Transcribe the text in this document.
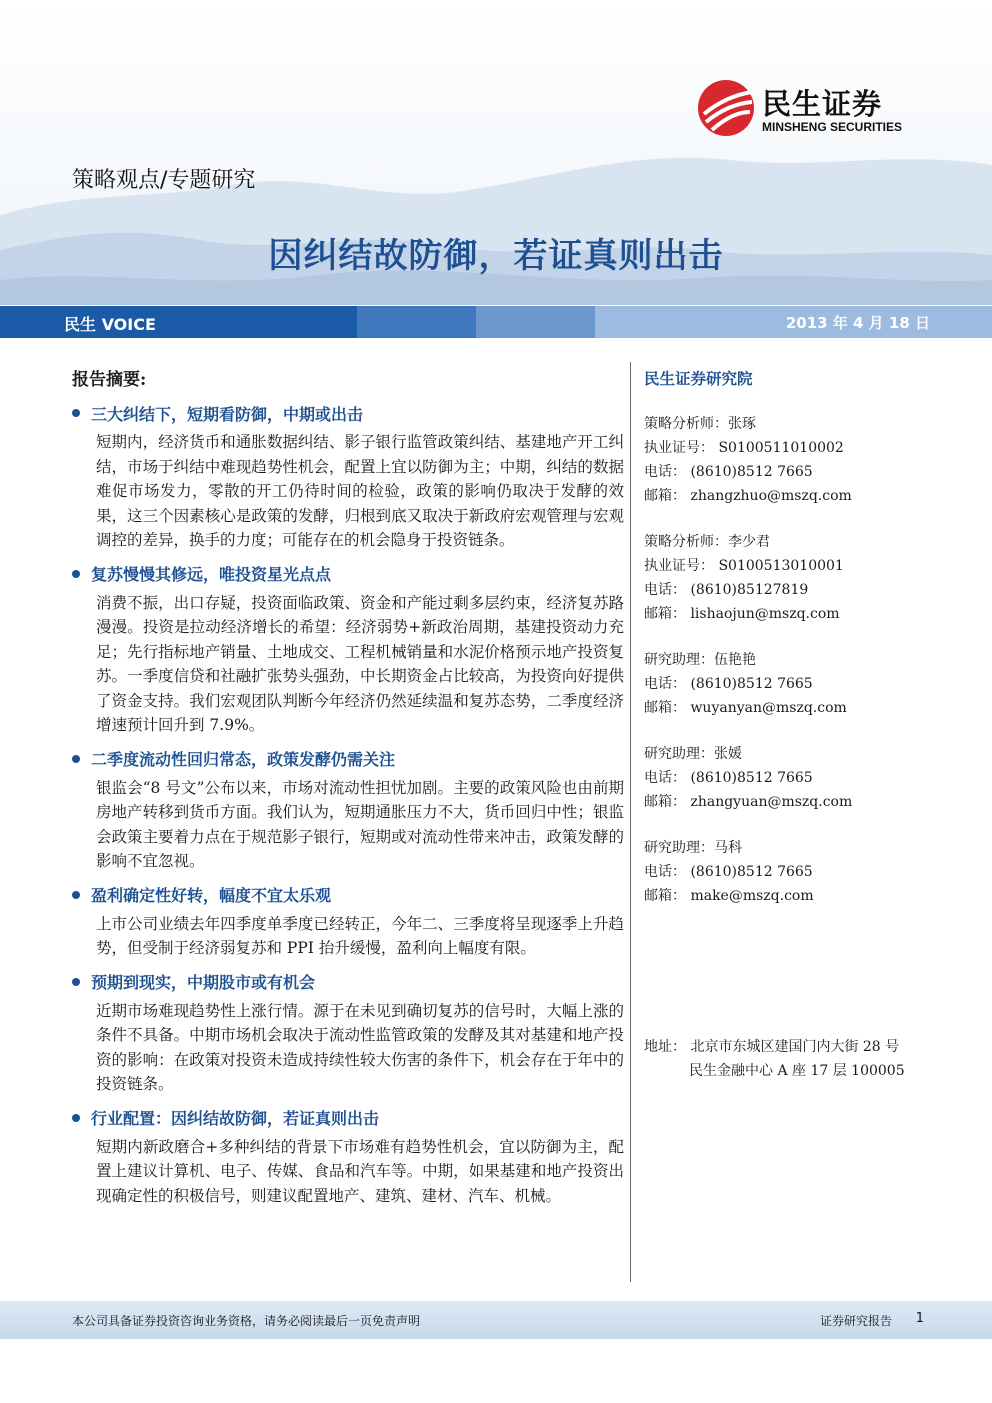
民生证券
MINSHENG SECURITIES
策略观点/专题研究
因纠结故防御，若证真则出击
民生 VOICE	2013 年 4 月 18 日
报告摘要:
三大纠结下，短期看防御，中期或出击

短期内，经济货币和通胀数据纠结、影子银行监管政策纠结、基建地产开工纠结，市场于纠结中难现趋势性机会，配置上宜以防御为主；中期，纠结的数据难促市场发力，零散的开工仍待时间的检验，政策的影响仍取决于发酵的效果，这三个因素核心是政策的发酵，归根到底又取决于新政府宏观管理与宏观调控的差异，换手的力度；可能存在的机会隐身于投资链条。

复苏慢慢其修远，唯投资星光点点

消费不振，出口存疑，投资面临政策、资金和产能过剩多层约束，经济复苏路漫漫。投资是拉动经济增长的希望：经济弱势+新政治周期，基建投资动力充足；先行指标地产销量、土地成交、工程机械销量和水泥价格预示地产投资复苏。一季度信贷和社融扩张势头强劲，中长期资金占比较高，为投资向好提供了资金支持。我们宏观团队判断今年经济仍然延续温和复苏态势，二季度经济增速预计回升到 7.9%。

二季度流动性回归常态，政策发酵仍需关注

银监会“8 号文”公布以来，市场对流动性担忧加剧。主要的政策风险也由前期房地产转移到货币方面。我们认为，短期通胀压力不大，货币回归中性；银监会政策主要着力点在于规范影子银行，短期或对流动性带来冲击，政策发酵的影响不宜忽视。

盈利确定性好转，幅度不宜太乐观

上市公司业绩去年四季度单季度已经转正，今年二、三季度将呈现逐季上升趋势，但受制于经济弱复苏和 PPI 抬升缓慢，盈利向上幅度有限。

预期到现实，中期股市或有机会

近期市场难现趋势性上涨行情。源于在未见到确切复苏的信号时，大幅上涨的条件不具备。中期市场机会取决于流动性监管政策的发酵及其对基建和地产投资的影响：在政策对投资未造成持续性较大伤害的条件下，机会存在于年中的投资链条。

行业配置：因纠结故防御，若证真则出击

短期内新政磨合+多种纠结的背景下市场难有趋势性机会，宜以防御为主，配置上建议计算机、电子、传媒、食品和汽车等。中期，如果基建和地产投资出现确定性的积极信号，则建议配置地产、建筑、建材、汽车、机械。

民生证券研究院
策略分析师：张琢
执业证号： S0100511010002
电话： (8610)8512 7665
邮箱： zhangzhuo@mszq.com
策略分析师：李少君
执业证号： S0100513010001
电话： (8610)85127819
邮箱： lishaojun@mszq.com
研究助理：伍艳艳
电话： (8610)8512 7665
邮箱： wuyanyan@mszq.com
研究助理：张媛
电话： (8610)8512 7665
邮箱： zhangyuan@mszq.com
研究助理：马科
电话： (8610)8512 7665
邮箱： make@mszq.com
地址： 北京市东城区建国门内大街 28 号
民生金融中心 A 座 17 层 100005
本公司具备证券投资咨询业务资格，请务必阅读最后一页免责声明	证券研究报告 1
